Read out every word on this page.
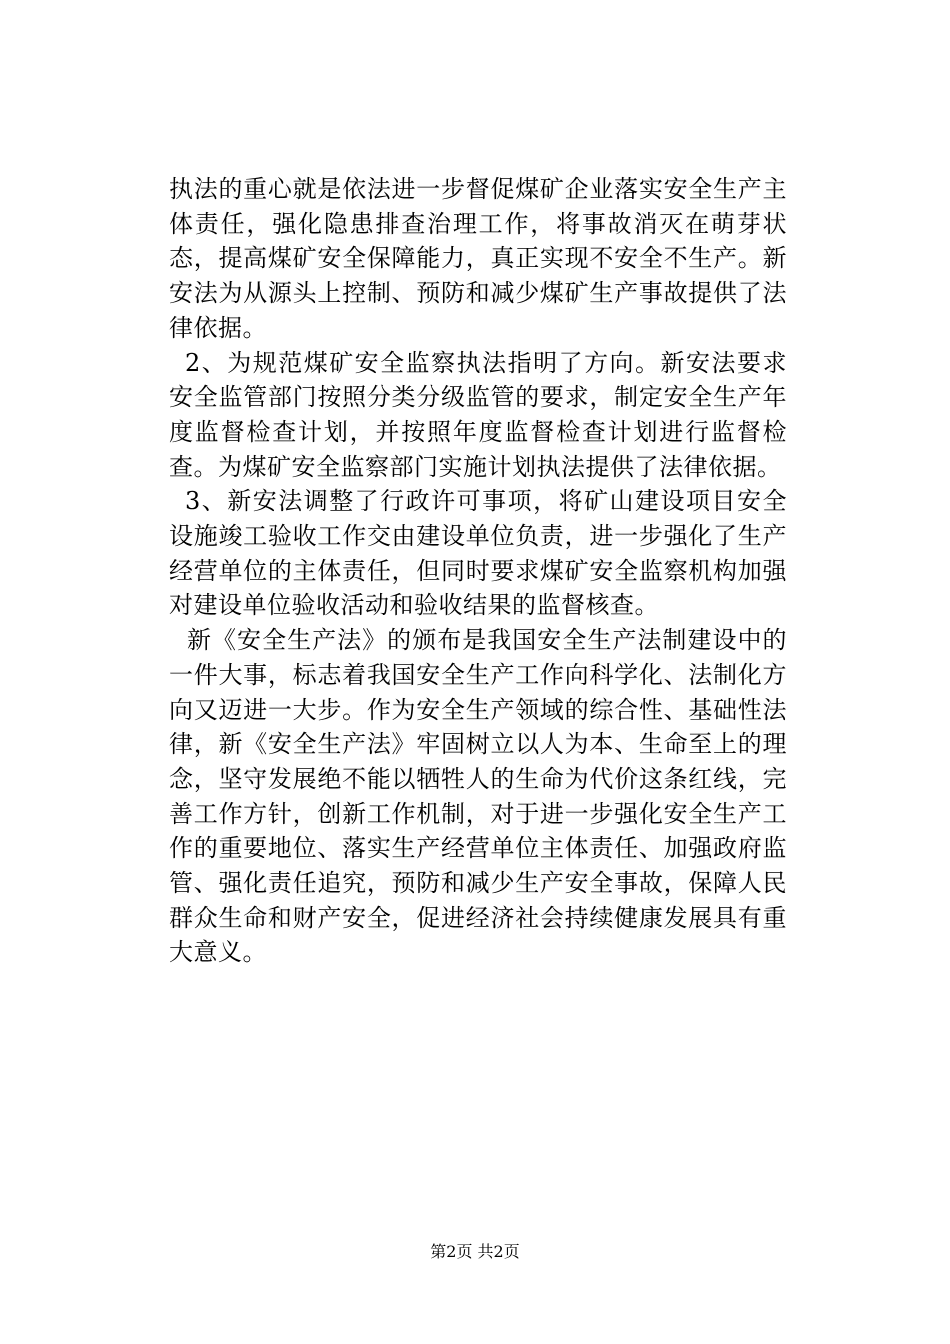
执法的重心就是依法进一步督促煤矿企业落实安全生产主体责任，强化隐患排查治理工作，将事故消灭在萌芽状态，提高煤矿安全保障能力，真正实现不安全不生产。新安法为从源头上控制、预防和减少煤矿生产事故提供了法律依据。

2、为规范煤矿安全监察执法指明了方向。新安法要求安全监管部门按照分类分级监管的要求，制定安全生产年度监督检查计划，并按照年度监督检查计划进行监督检查。为煤矿安全监察部门实施计划执法提供了法律依据。

3、新安法调整了行政许可事项，将矿山建设项目安全设施竣工验收工作交由建设单位负责，进一步强化了生产经营单位的主体责任，但同时要求煤矿安全监察机构加强对建设单位验收活动和验收结果的监督核查。

新《安全生产法》的颁布是我国安全生产法制建设中的一件大事，标志着我国安全生产工作向科学化、法制化方向又迈进一大步。作为安全生产领域的综合性、基础性法律，新《安全生产法》牢固树立以人为本、生命至上的理念，坚守发展绝不能以牺牲人的生命为代价这条红线，完善工作方针，创新工作机制，对于进一步强化安全生产工作的重要地位、落实生产经营单位主体责任、加强政府监管、强化责任追究，预防和减少生产安全事故，保障人民群众生命和财产安全，促进经济社会持续健康发展具有重大意义。

第2页 共2页
